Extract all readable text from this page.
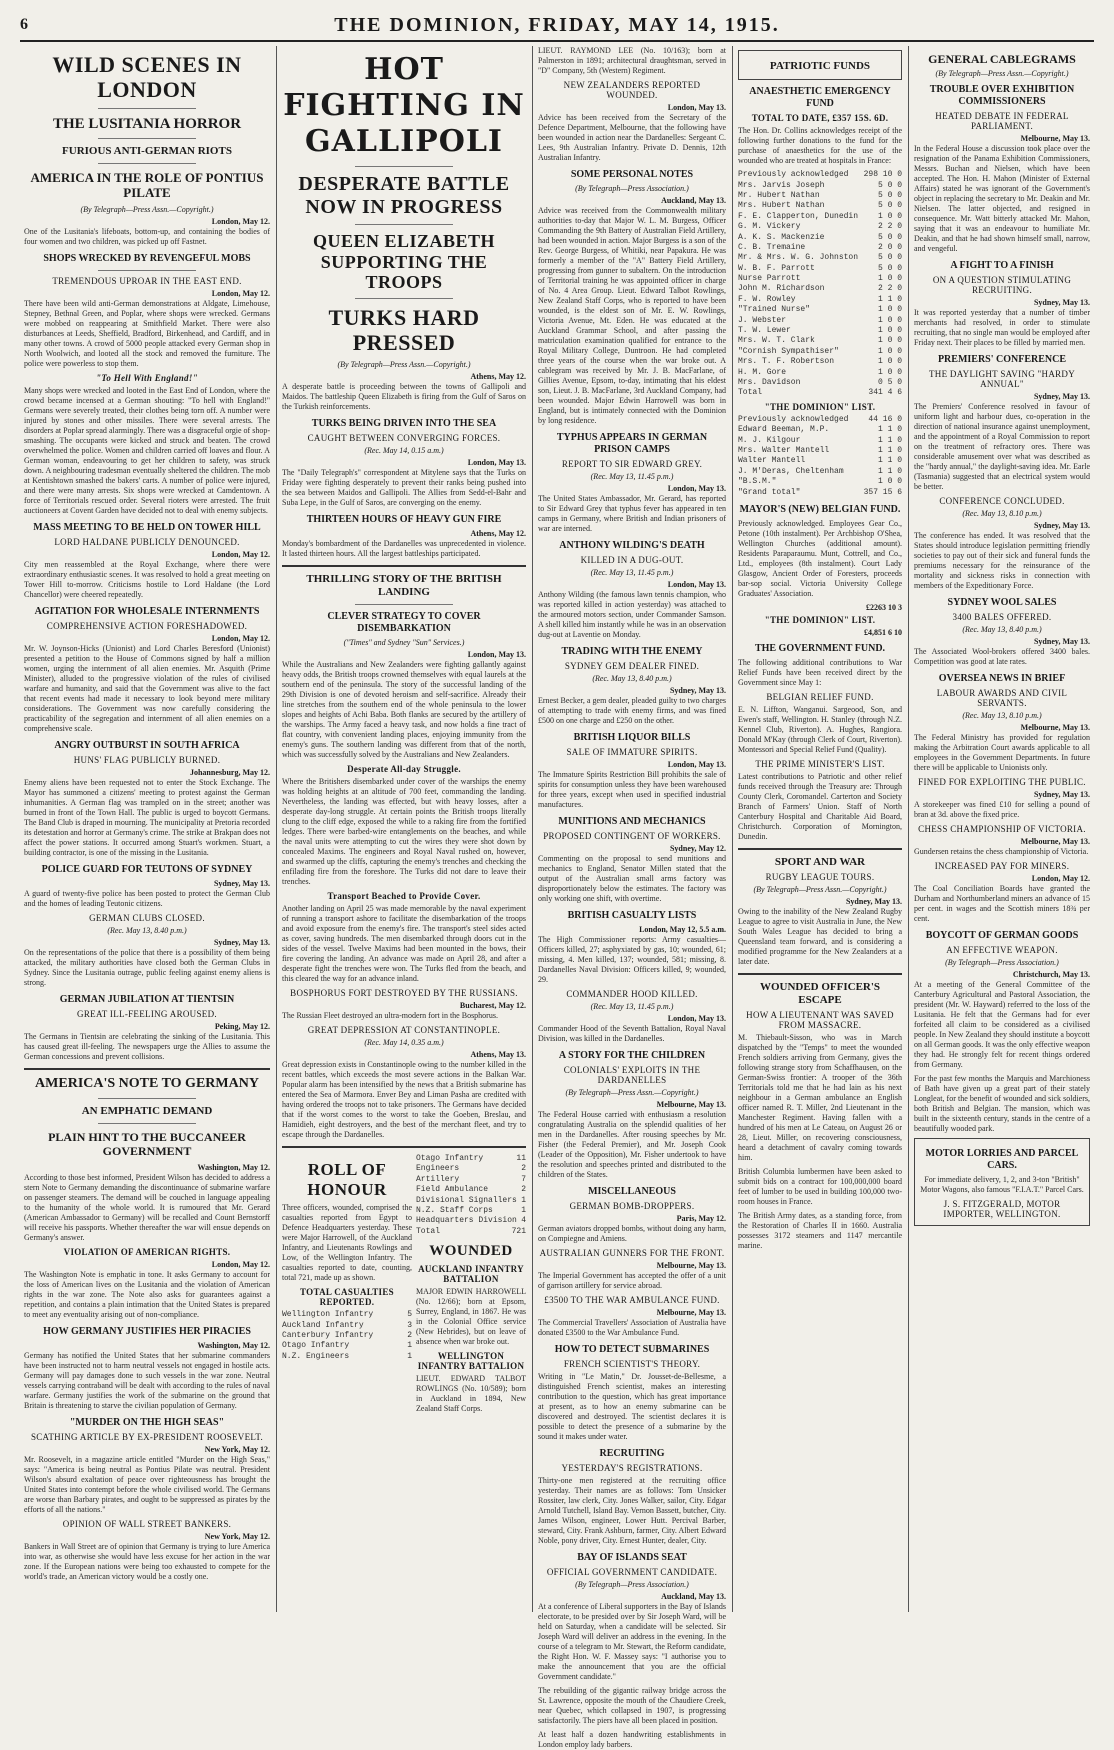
6	THE DOMINION, FRIDAY, MAY 14, 1915.
WILD SCENES IN LONDON
THE LUSITANIA HORROR
FURIOUS ANTI-GERMAN RIOTS
AMERICA IN THE ROLE OF PONTIUS PILATE
(By Telegraph—Press Assn.—Copyright.)
London, May 12.
One of the Lusitania's lifeboats, bottom-up, and containing the bodies of four women and two children, was picked up off Fastnet.
SHOPS WRECKED BY REVENGEFUL MOBS
TREMENDOUS UPROAR IN THE EAST END.
London, May 12.
There have been wild anti-German demonstrations at Aldgate, Limehouse, Stepney, Bethnal Green, and Poplar, where shops were wrecked. Germans were mobbed on reappearing at Smithfield Market. There were also disturbances at Leeds, Sheffield, Bradford, Birkenhead, and Cardiff, and in many other towns. A crowd of 5000 people attacked every German shop in North Woolwich, and looted all the stock and removed the furniture. The police were powerless to stop them.
"To Hell With England!"
Many shops were wrecked and looted in the East End of London, where the crowd became incensed at a German shouting: "To hell with England!" Germans were severely treated, their clothes being torn off. A number were injured by stones and other missiles. There were several arrests. The disorders at Poplar spread alarmingly. There was a disgraceful orgie of shop-smashing. The occupants were kicked and struck and beaten. The crowd overwhelmed the police. Women and children carried off loaves and flour. A German woman, endeavouring to get her children to safety, was struck down. A neighbouring tradesman eventually sheltered the children. The mob at Kentishtown smashed the bakers' carts. A number of police were injured, and there were many arrests. Six shops were wrecked at Camdentown. A force of Territorials rescued order. Several rioters were arrested. The fruit auctioneers at Covent Garden have decided not to deal with enemy subjects.
MASS MEETING TO BE HELD ON TOWER HILL
LORD HALDANE PUBLICLY DENOUNCED.
London, May 12.
City men reassembled at the Royal Exchange, where there were extraordinary enthusiastic scenes. It was resolved to hold a great meeting on Tower Hill to-morrow. Criticisms hostile to Lord Haldane (the Lord Chancellor) were cheered repeatedly.
AGITATION FOR WHOLESALE INTERNMENTS
COMPREHENSIVE ACTION FORESHADOWED.
London, May 12.
Mr. W. Joynson-Hicks (Unionist) and Lord Charles Beresford (Unionist) presented a petition to the House of Commons signed by half a million women, urging the internment of all alien enemies. Mr. Asquith (Prime Minister), alluded to the progressive violation of the rules of civilised warfare and humanity, and said that the Government was alive to the fact that recent events had made it necessary to look beyond mere military considerations. The Government was now carefully considering the practicability of the segregation and internment of all alien enemies on a comprehensive scale.
ANGRY OUTBURST IN SOUTH AFRICA
HUNS' FLAG PUBLICLY BURNED.
Johannesburg, May 12.
Enemy aliens have been requested not to enter the Stock Exchange. The Mayor has summoned a citizens' meeting to protest against the German inhumanities. A German flag was trampled on in the street; another was burned in front of the Town Hall. The public is urged to boycott Germans. The Band Club is draped in mourning. The municipality at Pretoria recorded its detestation and horror at Germany's crime. The strike at Brakpan does not affect the power stations. It occurred among Stuart's workmen. Stuart, a building contractor, is one of the missing in the Lusitania.
POLICE GUARD FOR TEUTONS OF SYDNEY
Sydney, May 13.
A guard of twenty-five police has been posted to protect the German Club and the homes of leading Teutonic citizens.
GERMAN CLUBS CLOSED.
(Rec. May 13, 8.40 p.m.)
Sydney, May 13.
On the representations of the police that there is a possibility of them being attacked, the military authorities have closed both the German Clubs in Sydney. Since the Lusitania outrage, public feeling against enemy aliens is strong.
GERMAN JUBILATION AT TIENTSIN
GREAT ILL-FEELING AROUSED.
Peking, May 12.
The Germans in Tientsin are celebrating the sinking of the Lusitania. This has caused great ill-feeling. The newspapers urge the Allies to assume the German concessions and prevent collisions.
AMERICA'S NOTE TO GERMANY
AN EMPHATIC DEMAND
PLAIN HINT TO THE BUCCANEER GOVERNMENT
Washington, May 12.
According to those best informed, President Wilson has decided to address a stern Note to Germany demanding the discontinuance of submarine warfare on passenger steamers. The demand will be couched in language appealing to the humanity of the whole world. It is rumoured that Mr. Gerard (American Ambassador to Germany) will be recalled and Count Bernstorff will receive his passports. Whether thereafter the war will ensue depends on Germany's answer.
VIOLATION OF AMERICAN RIGHTS.
London, May 12.
The Washington Note is emphatic in tone. It asks Germany to account for the loss of American lives on the Lusitania and the violation of American rights in the war zone. The Note also asks for guarantees against a repetition, and contains a plain intimation that the United States is prepared to meet any eventuality arising out of non-compliance.
HOW GERMANY JUSTIFIES HER PIRACIES
Washington, May 12.
Germany has notified the United States that her submarine commanders have been instructed not to harm neutral vessels not engaged in hostile acts. Germany will pay damages done to such vessels in the war zone. Neutral vessels carrying contraband will be dealt with according to the rules of naval warfare. Germany justifies the work of the submarine on the ground that Britain is threatening to starve the civilian population of Germany.
"MURDER ON THE HIGH SEAS"
SCATHING ARTICLE BY EX-PRESIDENT ROOSEVELT.
New York, May 12.
Mr. Roosevelt, in a magazine article entitled "Murder on the High Seas," says: "America is being neutral as Pontius Pilate was neutral. President Wilson's absurd exaltation of peace over righteousness has brought the United States into contempt before the whole civilised world. The Germans are worse than Barbary pirates, and ought to be suppressed as pirates by the efforts of all the nations."
OPINION OF WALL STREET BANKERS.
New York, May 12.
Bankers in Wall Street are of opinion that Germany is trying to lure America into war, as otherwise she would have less excuse for her action in the war zone. If the European nations were being too exhausted to compete for the world's trade, an American victory would be a costly one.
HOT FIGHTING IN GALLIPOLI
DESPERATE BATTLE NOW IN PROGRESS
QUEEN ELIZABETH SUPPORTING THE TROOPS
TURKS HARD PRESSED
(By Telegraph—Press Assn.—Copyright.)
Athens, May 12.
A desperate battle is proceeding between the towns of Gallipoli and Maidos. The battleship Queen Elizabeth is firing from the Gulf of Saros on the Turkish reinforcements.
TURKS BEING DRIVEN INTO THE SEA
CAUGHT BETWEEN CONVERGING FORCES.
(Rec. May 14, 0.15 a.m.)
London, May 13.
The "Daily Telegraph's" correspondent at Mitylene says that the Turks on Friday were fighting desperately to prevent their ranks being pushed into the sea between Maidos and Gallipoli. The Allies from Sedd-el-Bahr and Suba Lepe, in the Gulf of Saros, are converging on the enemy.
THIRTEEN HOURS OF HEAVY GUN FIRE
Athens, May 12.
Monday's bombardment of the Dardanelles was unprecedented in violence. It lasted thirteen hours. All the largest battleships participated.
THRILLING STORY OF THE BRITISH LANDING
CLEVER STRATEGY TO COVER DISEMBARKATION
("Times" and Sydney "Sun" Services.)
London, May 13.
While the Australians and New Zealanders were fighting gallantly against heavy odds, the British troops crowned themselves with equal laurels at the southern end of the peninsula. The story of the successful landing of the 29th Division is one of devoted heroism and self-sacrifice. Already their line stretches from the southern end of the whole peninsula to the lower slopes and heights of Achi Baba. Both flanks are secured by the artillery of the warships. The Army faced a heavy task, and now holds a fine tract of flat country, with convenient landing places, enjoying immunity from the enemy's guns. The southern landing was different from that of the north, which was successfully solved by the Australians and New Zealanders.
Desperate All-day Struggle.
Where the Britishers disembarked under cover of the warships the enemy was holding heights at an altitude of 700 feet, commanding the landing. Nevertheless, the landing was effected, but with heavy losses, after a desperate day-long struggle. At certain points the British troops literally clung to the cliff edge, exposed the while to a raking fire from the fortified ledges. There were barbed-wire entanglements on the beaches, and while the naval units were attempting to cut the wires they were shot down by concealed Maxims. The engineers and Royal Naval rushed on, however, and swarmed up the cliffs, capturing the enemy's trenches and checking the enfilading fire from the foreshore. The Turks did not dare to leave their trenches.
Transport Beached to Provide Cover.
Another landing on April 25 was made memorable by the naval experiment of running a transport ashore to facilitate the disembarkation of the troops and avoid exposure from the enemy's fire. The transport's steel sides acted as cover, saving hundreds. The men disembarked through doors cut in the sides of the vessel. Twelve Maxims had been mounted in the bows, their fire covering the landing. An advance was made on April 28, and after a desperate fight the trenches were won. The Turks fled from the beach, and this cleared the way for an advance inland.
BOSPHORUS FORT DESTROYED BY THE RUSSIANS.
Bucharest, May 12.
The Russian Fleet destroyed an ultra-modern fort in the Bosphorus.
GREAT DEPRESSION AT CONSTANTINOPLE.
(Rec. May 14, 0.35 a.m.)
Athens, May 13.
Great depression exists in Constantinople owing to the number killed in the recent battles, which exceeds the most severe actions in the Balkan War. Popular alarm has been intensified by the news that a British submarine has entered the Sea of Marmora. Enver Bey and Liman Pasha are credited with having ordered the troops not to take prisoners. The Germans have decided that if the worst comes to the worst to take the Goeben, Breslau, and Hamidieh, eight destroyers, and the best of the merchant fleet, and try to escape through the Dardanelles.
ROLL OF HONOUR
Three officers, wounded, comprised the casualties reported from Egypt to Defence Headquarters yesterday. These were Major Harrowell, of the Auckland Infantry, and Lieutenants Rowlings and Low, of the Wellington Infantry. The casualties reported to date, counting, total 721, made up as shown.
TOTAL CASUALTIES REPORTED.
Wellington Infantry	5
Auckland Infantry	3
Canterbury Infantry	2
Otago Infantry	1
N.Z. Engineers	1
Otago Infantry	11
Engineers	2
Artillery	7
Field Ambulance	2
Divisional Signallers 1
N.Z. Staff Corps	1
Headquarters Division 4
Total	721
WOUNDED
AUCKLAND INFANTRY BATTALION
MAJOR EDWIN HARROWELL (No. 12/66); born at Epsom, Surrey, England, in 1867. He was in the Colonial Office service (New Hebrides), but on leave of absence when war broke out.
WELLINGTON INFANTRY BATTALION
LIEUT. EDWARD TALBOT ROWLINGS (No. 10/589); born in Auckland in 1894, New Zealand Staff Corps.
LIEUT. RAYMOND LEE (No. 10/163); born at Palmerston in 1891; architectural draughtsman, served in "D" Company, 5th (Western) Regiment.
NEW ZEALANDERS REPORTED WOUNDED.
London, May 13.
Advice has been received from the Secretary of the Defence Department, Melbourne, that the following have been wounded in action near the Dardanelles: Sergeant C. Lees, 9th Australian Infantry. Private D. Dennis, 12th Australian Infantry.
SOME PERSONAL NOTES
(By Telegraph—Press Association.)
Auckland, May 13.
Advice was received from the Commonwealth military authorities to-day that Major W. L. M. Burgess, Officer Commanding the 9th Battery of Australian Field Artillery, had been wounded in action. Major Burgess is a son of the Rev. George Burgess, of Whitiki, near Papakura. He was formerly a member of the "A" Battery Field Artillery, progressing from gunner to subaltern. On the introduction of Territorial training he was appointed officer in charge of No. 4 Area Group. Lieut. Edward Talbot Rowlings, New Zealand Staff Corps, who is reported to have been wounded, is the eldest son of Mr. E. W. Rowlings, Victoria Avenue, Mt. Eden. He was educated at the Auckland Grammar School, and after passing the matriculation examination qualified for entrance to the Royal Military College, Duntroon. He had completed three years of the course when the war broke out. A cablegram was received by Mr. J. B. MacFarlane, of Gillies Avenue, Epsom, to-day, intimating that his eldest son, Lieut. J. B. MacFarlane, 3rd Auckland Company, had been wounded. Major Edwin Harrowell was born in England, but is intimately connected with the Dominion by long residence.
TYPHUS APPEARS IN GERMAN PRISON CAMPS
REPORT TO SIR EDWARD GREY.
(Rec. May 13, 11.45 p.m.)
London, May 13.
The United States Ambassador, Mr. Gerard, has reported to Sir Edward Grey that typhus fever has appeared in ten camps in Germany, where British and Indian prisoners of war are interned.
ANTHONY WILDING'S DEATH
KILLED IN A DUG-OUT.
(Rec. May 13, 11.45 p.m.)
London, May 13.
Anthony Wilding (the famous lawn tennis champion, who was reported killed in action yesterday) was attached to the armoured motors section, under Commander Samson. A shell killed him instantly while he was in an observation dug-out at Laventie on Monday.
TRADING WITH THE ENEMY
SYDNEY GEM DEALER FINED.
(Rec. May 13, 8.40 p.m.)
Sydney, May 13.
Ernest Becker, a gem dealer, pleaded guilty to two charges of attempting to trade with enemy firms, and was fined £500 on one charge and £250 on the other.
BRITISH LIQUOR BILLS
SALE OF IMMATURE SPIRITS.
London, May 13.
The Immature Spirits Restriction Bill prohibits the sale of spirits for consumption unless they have been warehoused for three years, except when used in specified industrial manufactures.
MUNITIONS AND MECHANICS
PROPOSED CONTINGENT OF WORKERS.
Sydney, May 12.
Commenting on the proposal to send munitions and mechanics to England, Senator Millen stated that the output of the Australian small arms factory was disproportionately below the estimates. The factory was only working one shift, with overtime.
BRITISH CASUALTY LISTS
London, May 12, 5.5 a.m.
The High Commissioner reports: Army casualties—Officers killed, 27; asphyxiated by gas, 10; wounded, 61; missing, 4. Men killed, 137; wounded, 581; missing, 8. Dardanelles Naval Division: Officers killed, 9; wounded, 29.
COMMANDER HOOD KILLED.
(Rec. May 13, 11.45 p.m.)
London, May 13.
Commander Hood of the Seventh Battalion, Royal Naval Division, was killed in the Dardanelles.
A STORY FOR THE CHILDREN
COLONIALS' EXPLOITS IN THE DARDANELLES
(By Telegraph—Press Assn.—Copyright.)
Melbourne, May 13.
The Federal House carried with enthusiasm a resolution congratulating Australia on the splendid qualities of her men in the Dardanelles. After rousing speeches by Mr. Fisher (the Federal Premier), and Mr. Joseph Cook (Leader of the Opposition), Mr. Fisher undertook to have the resolution and speeches printed and distributed to the children of the States.
MISCELLANEOUS
GERMAN BOMB-DROPPERS.
Paris, May 12.
German aviators dropped bombs, without doing any harm, on Compiegne and Amiens.
AUSTRALIAN GUNNERS FOR THE FRONT.
Melbourne, May 13.
The Imperial Government has accepted the offer of a unit of garrison artillery for service abroad.
£3500 TO THE WAR AMBULANCE FUND.
Melbourne, May 13.
The Commercial Travellers' Association of Australia have donated £3500 to the War Ambulance Fund.
HOW TO DETECT SUBMARINES
FRENCH SCIENTIST'S THEORY.
Writing in "Le Matin," Dr. Jousset-de-Bellesme, a distinguished French scientist, makes an interesting contribution to the question, which has great importance at present, as to how an enemy submarine can be discovered and destroyed. The scientist declares it is possible to detect the presence of a submarine by the sound it makes under water.
RECRUITING
YESTERDAY'S REGISTRATIONS.
Thirty-one men registered at the recruiting office yesterday. Their names are as follows: Tom Unsicker Rossiter, law clerk, City. Jones Walker, sailor, City. Edgar Arnold Tutchell, Island Bay. Vernon Bassett, butcher, City. James Wilson, engineer, Lower Hutt. Percival Barber, steward, City. Frank Ashburn, farmer, City. Albert Edward Noble, pony driver, City. Ernest Hunter, dealer, City.
BAY OF ISLANDS SEAT
OFFICIAL GOVERNMENT CANDIDATE.
(By Telegraph—Press Association.)
Auckland, May 13.
At a conference of Liberal supporters in the Bay of Islands electorate, to be presided over by Sir Joseph Ward, will be held on Saturday, when a candidate will be selected. Sir Joseph Ward will deliver an address in the evening. In the course of a telegram to Mr. Stewart, the Reform candidate, the Right Hon. W. F. Massey says: "I authorise you to make the announcement that you are the official Government candidate."
The rebuilding of the gigantic railway bridge across the St. Lawrence, opposite the mouth of the Chaudiere Creek, near Quebec, which collapsed in 1907, is progressing satisfactorily. The piers have all been placed in position.
At least half a dozen handwriting establishments in London employ lady barbers.
PATRIOTIC FUNDS
ANAESTHETIC EMERGENCY FUND
TOTAL TO DATE, £357 15S. 6D.
The Hon. Dr. Collins acknowledges receipt of the following further donations to the fund for the purchase of anaesthetics for the use of the wounded who are treated at hospitals in France:
Previously acknowledged 298 10 0
Mrs. Jarvis Joseph	5 0 0
Mr. Hubert Nathan	5 0 0
Mrs. Hubert Nathan	5 0 0
F. E. Clapperton, Dunedin 1 0 0
G. M. Vickery	2 2 0
A. K. S. Mackenzie	5 0 0
C. B. Tremaine	2 0 0
Mr. & Mrs. W. G. Johnston 5 0 0
W. B. F. Parrott	5 0 0
Nurse Parrott	1 0 0
John M. Richardson	2 2 0
F. W. Rowley	1 1 0
"Trained Nurse"	1 0 0
J. Webster	1 0 0
T. W. Lewer	1 0 0
Mrs. W. T. Clark	1 0 0
"Cornish Sympathiser"	1 0 0
Mrs. T. F. Robertson	1 0 0
H. M. Gore	1 0 0
Mrs. Davidson	0 5 0
Total	341 4 6
"THE DOMINION" LIST.
Previously acknowledged 44 16 0
Edward Beeman, M.P.	1 1 0
M. J. Kilgour	1 1 0
Mrs. Walter Mantell	1 1 0
Walter Mantell	1 1 0
J. M'Deras, Cheltenham	1 1 0
"B.S.M."	1 0 0
"Grand total"	357 15 6
MAYOR'S (NEW) BELGIAN FUND.
Previously acknowledged. Employees Gear Co., Petone (10th instalment). Per Archbishop O'Shea, Wellington Churches (additional amount). Residents Paraparaumu. Munt, Cottrell, and Co., Ltd., employees (8th instalment). Court Lady Glasgow, Ancient Order of Foresters, proceeds bar-sop social. Victoria University College Graduates' Association.
£2263 10 3
"THE DOMINION" LIST.
£4,851 6 10
THE GOVERNMENT FUND.
The following additional contributions to War Relief Funds have been received direct by the Government since May 1:
BELGIAN RELIEF FUND.
E. N. Liffton, Wanganui. Sargeood, Son, and Ewen's staff, Wellington. H. Stanley (through N.Z. Kennel Club, Riverton). A. Hughes, Rangiora. Donald M'Kay (through Clerk of Court, Riverton). Montessori and Special Relief Fund (Quality).
THE PRIME MINISTER'S LIST.
Latest contributions to Patriotic and other relief funds received through the Treasury are: Through County Clerk, Coromandel. Carterton and Society Branch of Farmers' Union. Staff of North Canterbury Hospital and Charitable Aid Board, Christchurch. Corporation of Mornington, Dunedin.
SPORT AND WAR
RUGBY LEAGUE TOURS.
(By Telegraph—Press Assn.—Copyright.)
Sydney, May 13.
Owing to the inability of the New Zealand Rugby League to agree to visit Australia in June, the New South Wales League has decided to bring a Queensland team forward, and is considering a modified programme for the New Zealanders at a later date.
WOUNDED OFFICER'S ESCAPE
HOW A LIEUTENANT WAS SAVED FROM MASSACRE.
M. Thiebault-Sisson, who was in March dispatched by the "Temps" to meet the wounded French soldiers arriving from Germany, gives the following strange story from Schaffhausen, on the German-Swiss frontier: A trooper of the 36th Territorials told me that he had lain as his next neighbour in a German ambulance an English officer named R. T. Miller, 2nd Lieutenant in the Manchester Regiment. Having fallen with a hundred of his men at Le Cateau, on August 26 or 28, Lieut. Miller, on recovering consciousness, heard a detachment of cavalry coming towards him.
British Columbia lumbermen have been asked to submit bids on a contract for 100,000,000 board feet of lumber to be used in building 100,000 two-room houses in France.
The British Army dates, as a standing force, from the Restoration of Charles II in 1660. Australia possesses 3172 steamers and 1147 mercantile marine.
GENERAL CABLEGRAMS
(By Telegraph—Press Assn.—Copyright.)
TROUBLE OVER EXHIBITION COMMISSIONERS
HEATED DEBATE IN FEDERAL PARLIAMENT.
Melbourne, May 13.
In the Federal House a discussion took place over the resignation of the Panama Exhibition Commissioners, Messrs. Buchan and Nielsen, which have been accepted. The Hon. H. Mahon (Minister of External Affairs) stated he was ignorant of the Government's object in replacing the secretary to Mr. Deakin and Mr. Nielsen. The latter objected, and resigned in consequence. Mr. Watt bitterly attacked Mr. Mahon, saying that it was an endeavour to humiliate Mr. Deakin, and that he had shown himself small, narrow, and vengeful.
A FIGHT TO A FINISH
ON A QUESTION STIMULATING RECRUITING.
Sydney, May 13.
It was reported yesterday that a number of timber merchants had resolved, in order to stimulate recruiting, that no single man would be employed after Friday next. Their places to be filled by married men.
PREMIERS' CONFERENCE
THE DAYLIGHT SAVING "HARDY ANNUAL"
Sydney, May 13.
The Premiers' Conference resolved in favour of uniform light and harbour dues, co-operation in the direction of national insurance against unemployment, and the appointment of a Royal Commission to report on the treatment of refractory ores. There was considerable amusement over what was described as the "hardy annual," the daylight-saving idea. Mr. Earle (Tasmania) suggested that an electrical system would be better.
CONFERENCE CONCLUDED.
(Rec. May 13, 8.10 p.m.)
Sydney, May 13.
The conference has ended. It was resolved that the States should introduce legislation permitting friendly societies to pay out of their sick and funeral funds the premiums necessary for the reinsurance of the mortality and sickness risks in connection with members of the Expeditionary Force.
SYDNEY WOOL SALES
3400 BALES OFFERED.
(Rec. May 13, 8.40 p.m.)
Sydney, May 13.
The Associated Wool-brokers offered 3400 bales. Competition was good at late rates.
OVERSEA NEWS IN BRIEF
LABOUR AWARDS AND CIVIL SERVANTS.
(Rec. May 13, 8.10 p.m.)
Melbourne, May 13.
The Federal Ministry has provided for regulation making the Arbitration Court awards applicable to all employees in the Government Departments. In future there will be applicable to Unionists only.
FINED FOR EXPLOITING THE PUBLIC.
Sydney, May 13.
A storekeeper was fined £10 for selling a pound of bran at 3d. above the fixed price.
CHESS CHAMPIONSHIP OF VICTORIA.
Melbourne, May 13.
Gundersen retains the chess championship of Victoria.
INCREASED PAY FOR MINERS.
London, May 12.
The Coal Conciliation Boards have granted the Durham and Northumberland miners an advance of 15 per cent. in wages and the Scottish miners 18¾ per cent.
BOYCOTT OF GERMAN GOODS
AN EFFECTIVE WEAPON.
(By Telegraph—Press Association.)
Christchurch, May 13.
At a meeting of the General Committee of the Canterbury Agricultural and Pastoral Association, the president (Mr. W. Hayward) referred to the loss of the Lusitania. He felt that the Germans had for ever forfeited all claim to be considered as a civilised people. In New Zealand they should institute a boycott on all German goods. It was the only effective weapon they had. He strongly felt for recent things ordered from Germany.
For the past few months the Marquis and Marchioness of Bath have given up a great part of their stately Longleat, for the benefit of wounded and sick soldiers, both British and Belgian. The mansion, which was built in the sixteenth century, stands in the centre of a beautifully wooded park.
MOTOR LORRIES AND PARCEL CARS.
For immediate delivery, 1, 2, and 3-ton "British" Motor Wagons, also famous "F.I.A.T." Parcel Cars.
J. S. FITZGERALD, MOTOR IMPORTER, WELLINGTON.
